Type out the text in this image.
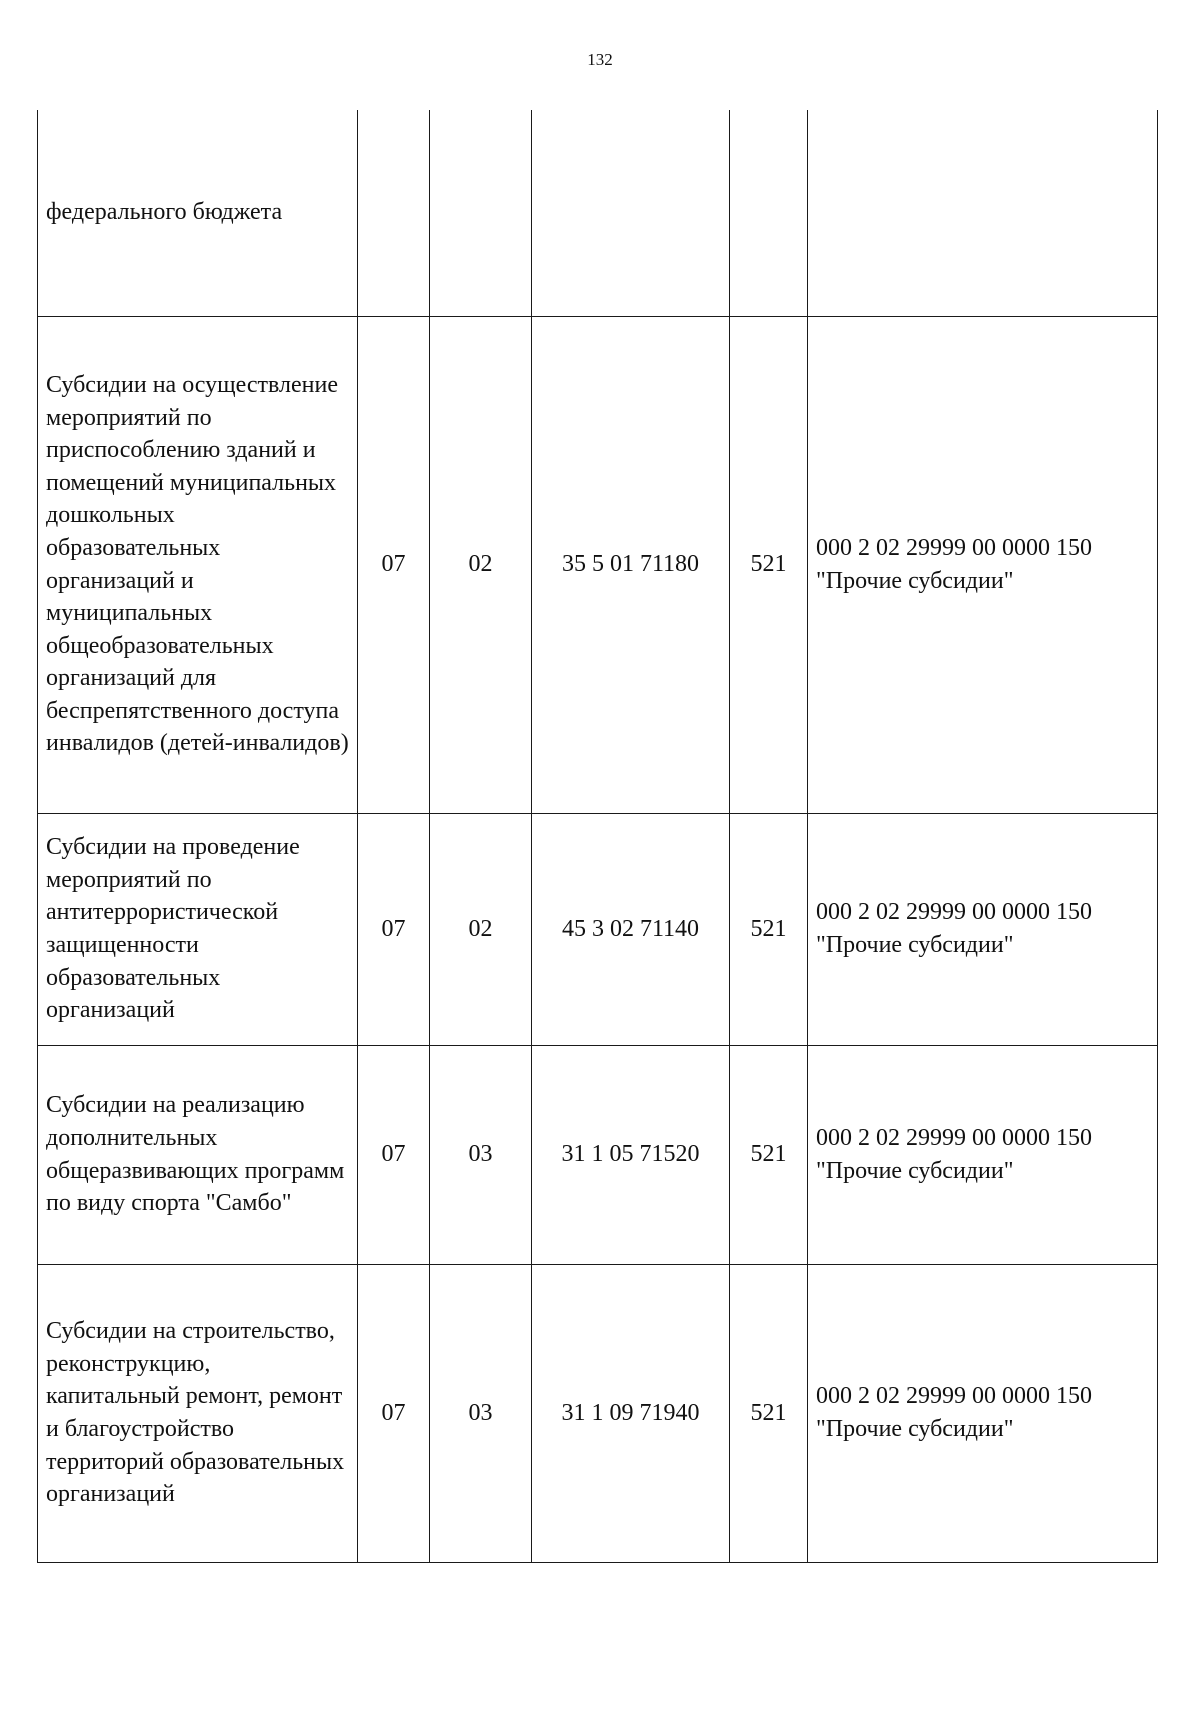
132
федерального бюджета					
Субсидии на осуществление мероприятий по приспособлению зданий и помещений муниципальных дошкольных образовательных организаций и муниципальных общеобразовательных организаций для беспрепятственного доступа инвалидов (детей-инвалидов)	07	02	35 5 01 71180	521	000 2 02 29999 00 0000 150 "Прочие субсидии"
Субсидии на проведение мероприятий по антитеррористической защищенности образовательных организаций	07	02	45 3 02 71140	521	000 2 02 29999 00 0000 150 "Прочие субсидии"
Субсидии на реализацию дополнительных общеразвивающих программ по виду спорта "Самбо"	07	03	31 1 05 71520	521	000 2 02 29999 00 0000 150 "Прочие субсидии"
Субсидии на строительство, реконструкцию, капитальный ремонт, ремонт и благоустройство территорий образовательных организаций	07	03	31 1 09 71940	521	000 2 02 29999 00 0000 150 "Прочие субсидии"
